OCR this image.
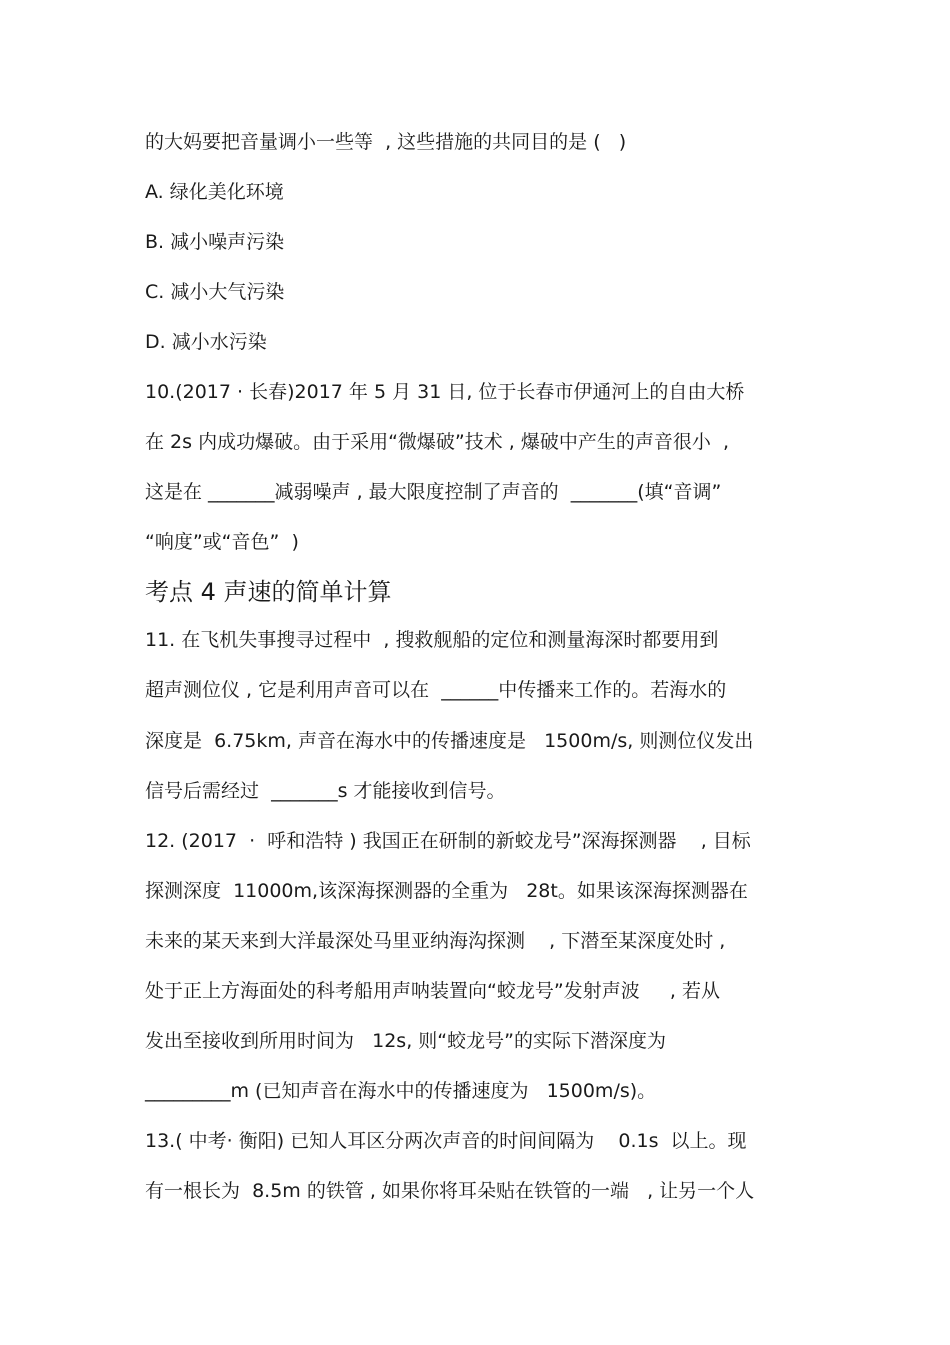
的大妈要把音量调小一些等  , 这些措施的共同目的是 (   )
A. 绿化美化环境
B. 减小噪声污染
C. 减小大气污染
D. 减小水污染
10.(2017 · 长春)2017 年 5 月 31 日, 位于长春市伊通河上的自由大桥
在 2s 内成功爆破。由于采用“微爆破”技术 , 爆破中产生的声音很小  ,
这是在 _______减弱噪声 , 最大限度控制了声音的  _______(填“音调”
“响度”或“音色”  )
考点 4 声速的简单计算
11. 在飞机失事搜寻过程中  , 搜救舰船的定位和测量海深时都要用到
超声测位仪 , 它是利用声音可以在  ______中传播来工作的。若海水的
深度是  6.75km, 声音在海水中的传播速度是   1500m/s, 则测位仪发出
信号后需经过  _______s 才能接收到信号。
12. (2017  ·  呼和浩特 ) 我国正在研制的新蛟龙号”深海探测器    , 目标
探测深度  11000m,该深海探测器的全重为   28t。如果该深海探测器在
未来的某天来到大洋最深处马里亚纳海沟探测    , 下潜至某深度处时 ,
处于正上方海面处的科考船用声呐装置向“蛟龙号”发射声波     , 若从
发出至接收到所用时间为   12s, 则“蛟龙号”的实际下潜深度为
_________m (已知声音在海水中的传播速度为   1500m/s)。
13.( 中考· 衡阳) 已知人耳区分两次声音的时间间隔为    0.1s  以上。现
有一根长为  8.5m 的铁管 , 如果你将耳朵贴在铁管的一端   , 让另一个人
